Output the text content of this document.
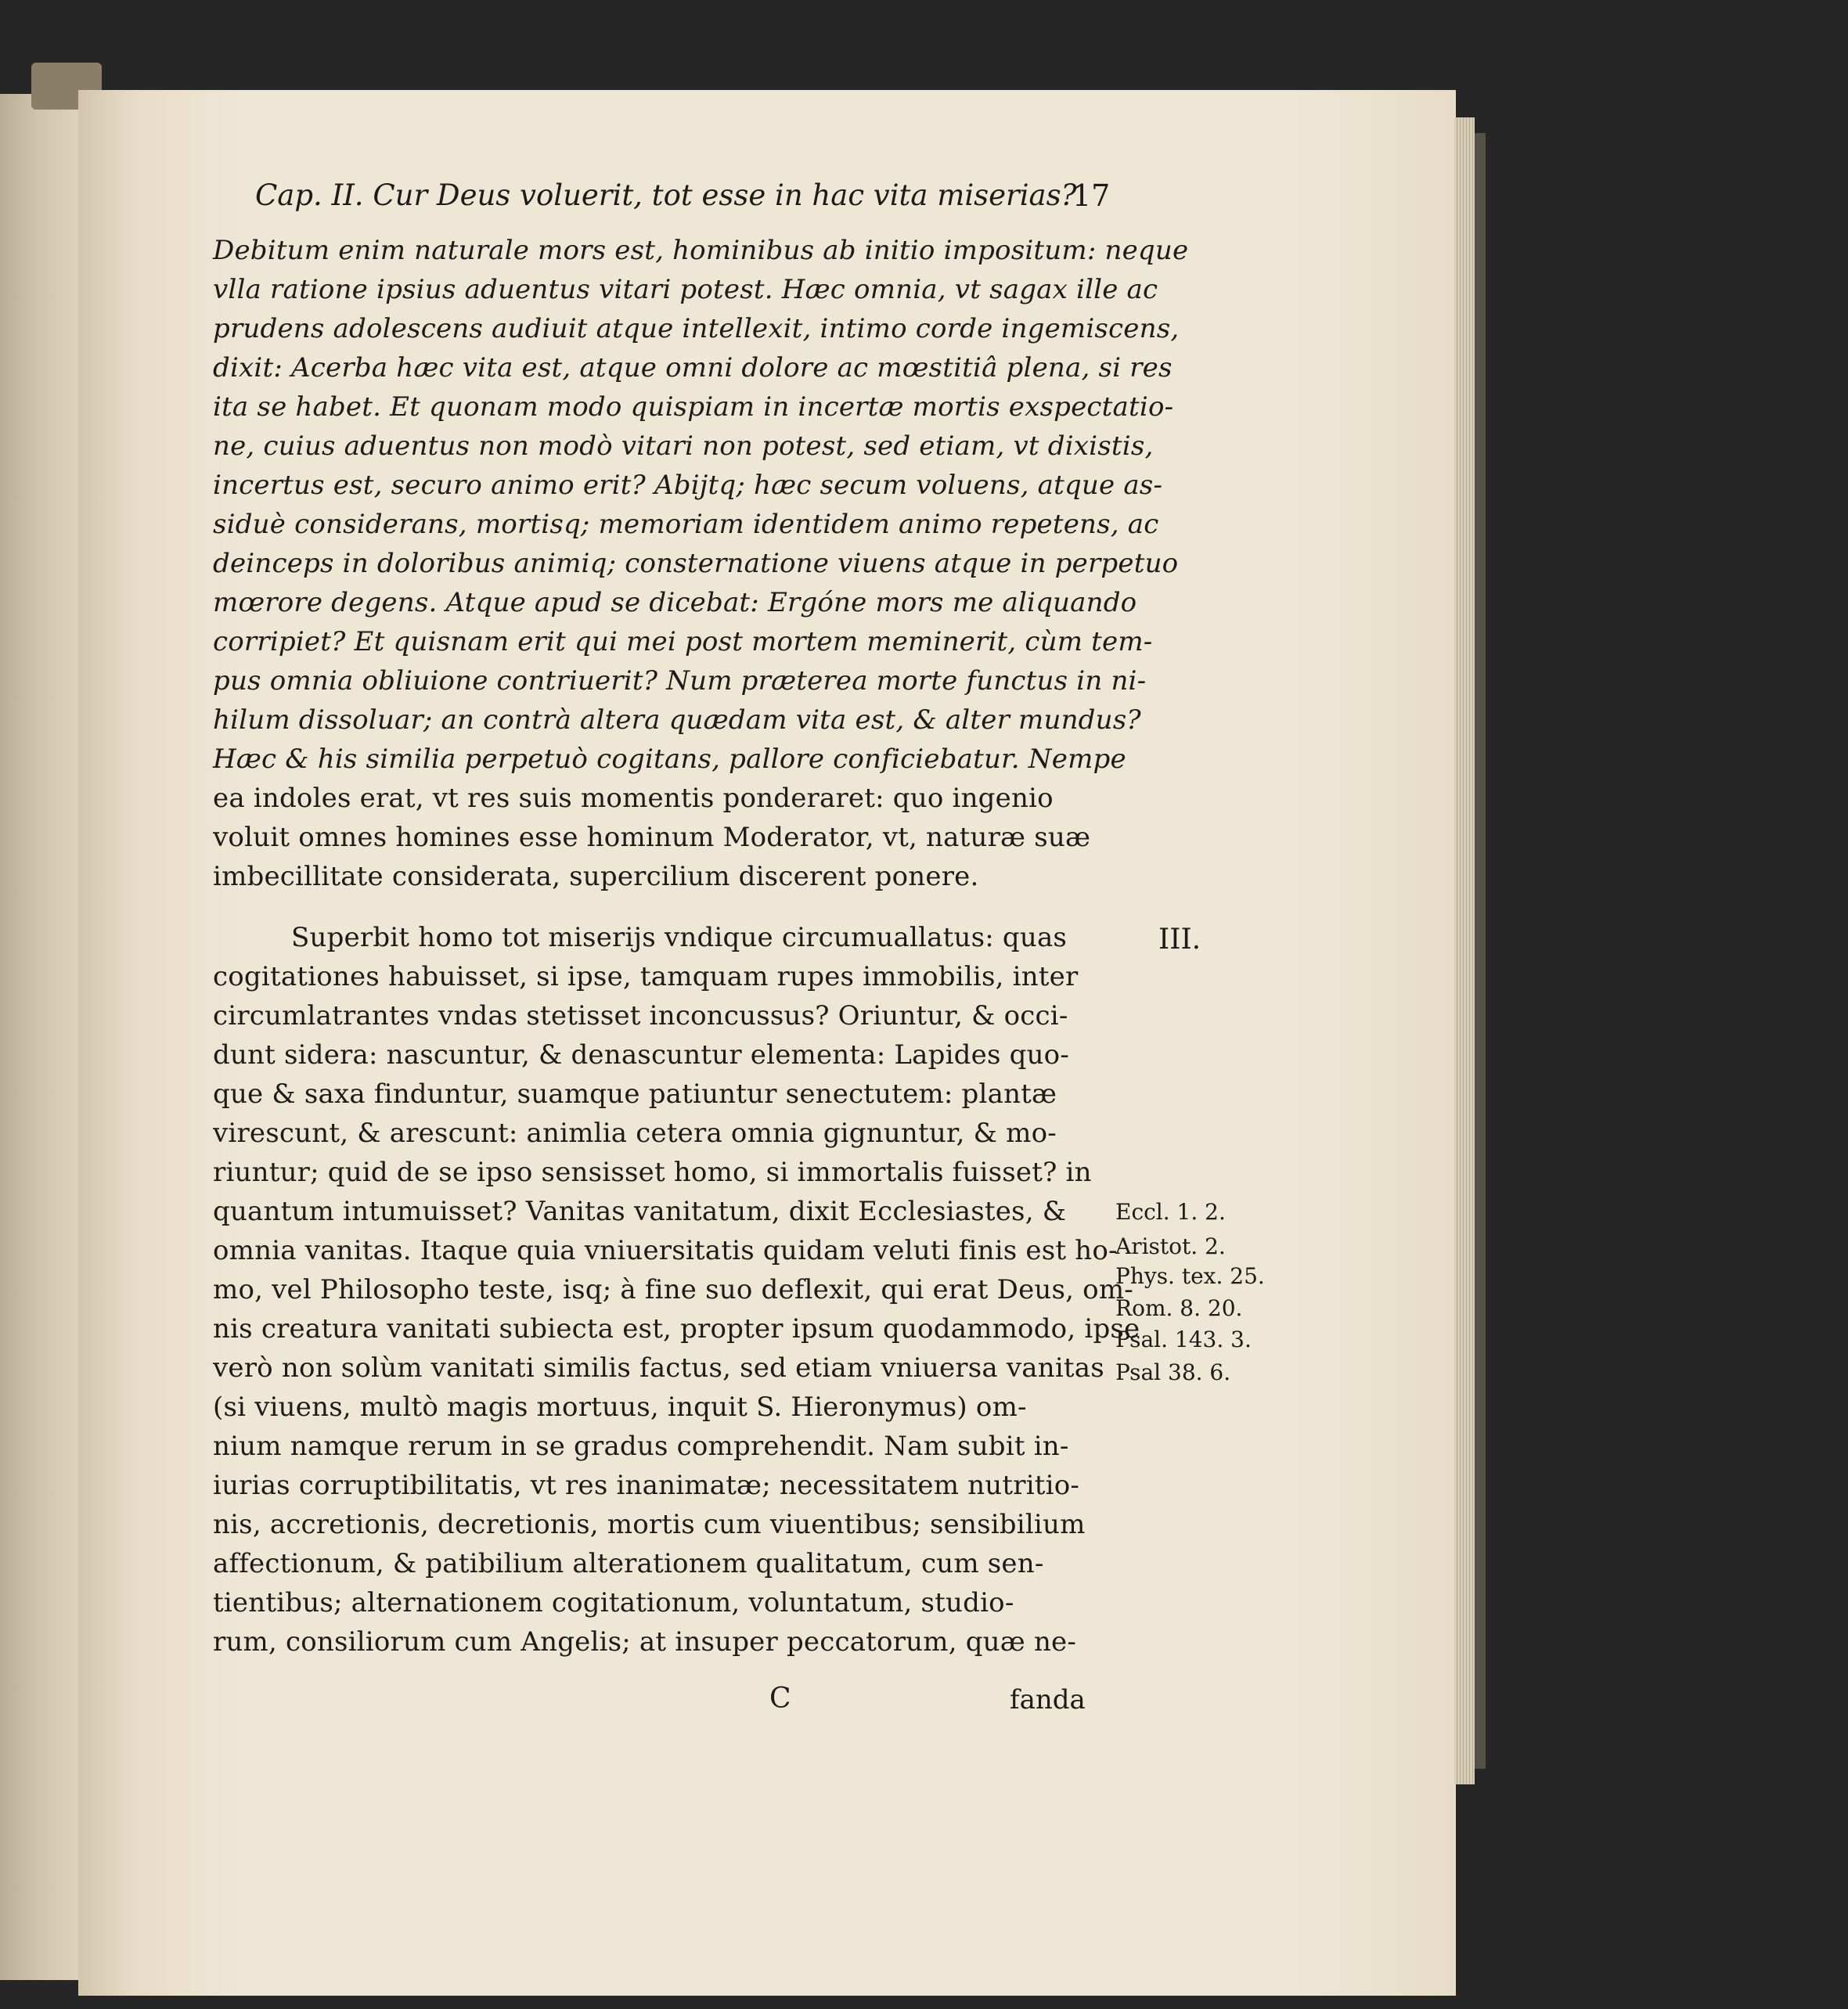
Cap. II. Cur Deus voluerit, tot esse in hac vita miserias?
17
Debitum enim naturale mors est, hominibus ab initio impositum: neque
vlla ratione ipsius aduentus vitari potest. Hæc omnia, vt sagax ille ac
prudens adolescens audiuit atque intellexit, intimo corde ingemiscens,
dixit: Acerba hæc vita est, atque omni dolore ac mœstitiâ plena, si res
ita se habet. Et quonam modo quispiam in incertæ mortis exspectatio-
ne, cuius aduentus non modò vitari non potest, sed etiam, vt dixistis,
incertus est, securo animo erit? Abijtq; hæc secum voluens, atque as-
siduè considerans, mortisq; memoriam identidem animo repetens, ac
deinceps in doloribus animiq; consternatione viuens atque in perpetuo
mœrore degens. Atque apud se dicebat: Ergóne mors me aliquando
corripiet? Et quisnam erit qui mei post mortem meminerit, cùm tem-
pus omnia obliuione contriuerit? Num præterea morte functus in ni-
hilum dissoluar; an contrà altera quædam vita est, & alter mundus?
Hæc & his similia perpetuò cogitans, pallore conficiebatur. Nempe
ea indoles erat, vt res suis momentis ponderaret: quo ingenio
voluit omnes homines esse hominum Moderator, vt, naturæ suæ
imbecillitate considerata, supercilium discerent ponere.
Superbit homo tot miserijs vndique circumuallatus: quas
cogitationes habuisset, si ipse, tamquam rupes immobilis, inter
circumlatrantes vndas stetisset inconcussus? Oriuntur, & occi-
dunt sidera: nascuntur, & denascuntur elementa: Lapides quo-
que & saxa finduntur, suamque patiuntur senectutem: plantæ
virescunt, & arescunt: animlia cetera omnia gignuntur, & mo-
riuntur; quid de se ipso sensisset homo, si immortalis fuisset? in
quantum intumuisset? Vanitas vanitatum, dixit Ecclesiastes, &
omnia vanitas. Itaque quia vniuersitatis quidam veluti finis est ho-
mo, vel Philosopho teste, isq; à fine suo deflexit, qui erat Deus, om-
nis creatura vanitati subiecta est, propter ipsum quodammodo, ipse
verò non solùm vanitati similis factus, sed etiam vniuersa vanitas
(si viuens, multò magis mortuus, inquit S. Hieronymus) om-
nium namque rerum in se gradus comprehendit. Nam subit in-
iurias corruptibilitatis, vt res inanimatæ; necessitatem nutritio-
nis, accretionis, decretionis, mortis cum viuentibus; sensibilium
affectionum, & patibilium alterationem qualitatum, cum sen-
tientibus; alternationem cogitationum, voluntatum, studio-
rum, consiliorum cum Angelis; at insuper peccatorum, quæ ne-
III.
Eccl. 1. 2.
Aristot. 2.
Phys. tex. 25.
Rom. 8. 20.
Psal. 143. 3.
Psal 38. 6.
C	fanda
